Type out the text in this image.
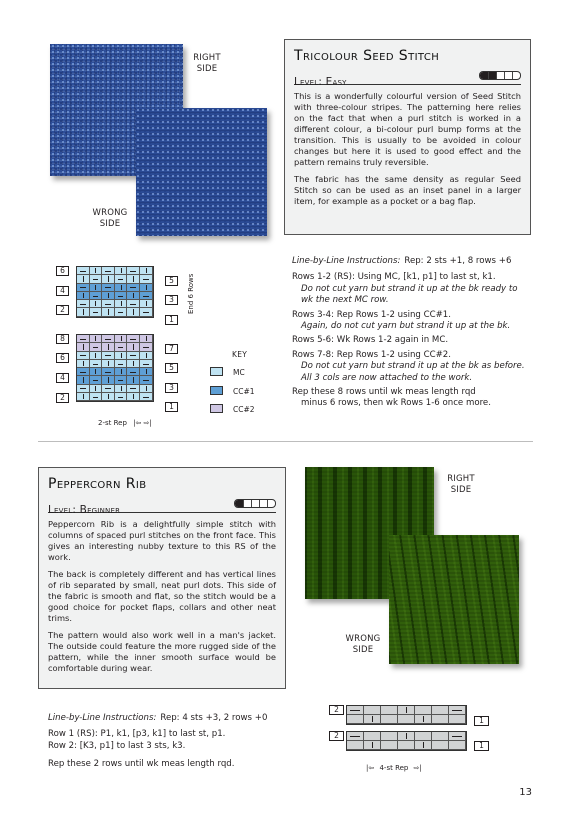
RIGHT
SIDE
WRONG
SIDE
Tricolour Seed Stitch
Level: Easy

This is a wonderfully colourful version of Seed Stitch with three-colour stripes. The patterning here relies on the fact that when a purl stitch is worked in a different colour, a bi-colour purl bump forms at the transition. This is usually to be avoided in colour changes but here it is used to good effect and the pattern remains truly reversible.

The fabric has the same density as regular Seed Stitch so can be used as an inset panel in a larger item, for example as a pocket or a bag flap.

6
4
2
5
3
1
8
6
4
2
7
5
3
1
End 6 Rows
2-st Rep |⇦ ⇨|
KEY
MC
CC#1
CC#2
Line-by-Line Instructions: Rep: 2 sts +1, 8 rows +6
Rows 1-2 (RS): Using MC, [k1, p1] to last st, k1.
Do not cut yarn but strand it up at the bk ready to wk the next MC row.
Rows 3-4: Rep Rows 1-2 using CC#1.
Again, do not cut yarn but strand it up at the bk.
Rows 5-6: Wk Rows 1-2 again in MC.
Rows 7-8: Rep Rows 1-2 using CC#2.
Do not cut yarn but strand it up at the bk as before. All 3 cols are now attached to the work.
Rep these 8 rows until wk meas length rqd
minus 6 rows, then wk Rows 1-6 once more.
Peppercorn Rib
Level: Beginner

Peppercorn Rib is a delightfully simple stitch with columns of spaced purl stitches on the front face. This gives an interesting nubby texture to this RS of the work.

The back is completely different and has vertical lines of rib separated by small, neat purl dots. This side of the fabric is smooth and flat, so the stitch would be a good choice for pocket flaps, collars and other neat trims.

The pattern would also work well in a man's jacket. The outside could feature the more rugged side of the pattern, while the inner smooth surface would be comfortable during wear.

RIGHT
SIDE
WRONG
SIDE
Line-by-Line Instructions: Rep: 4 sts +3, 2 rows +0
Row 1 (RS): P1, k1, [p3, k1] to last st, p1.
Row 2: [K3, p1] to last 3 sts, k3.
Rep these 2 rows until wk meas length rqd.
2
2
1
1
|⇦ 4-st Rep ⇨|
13
